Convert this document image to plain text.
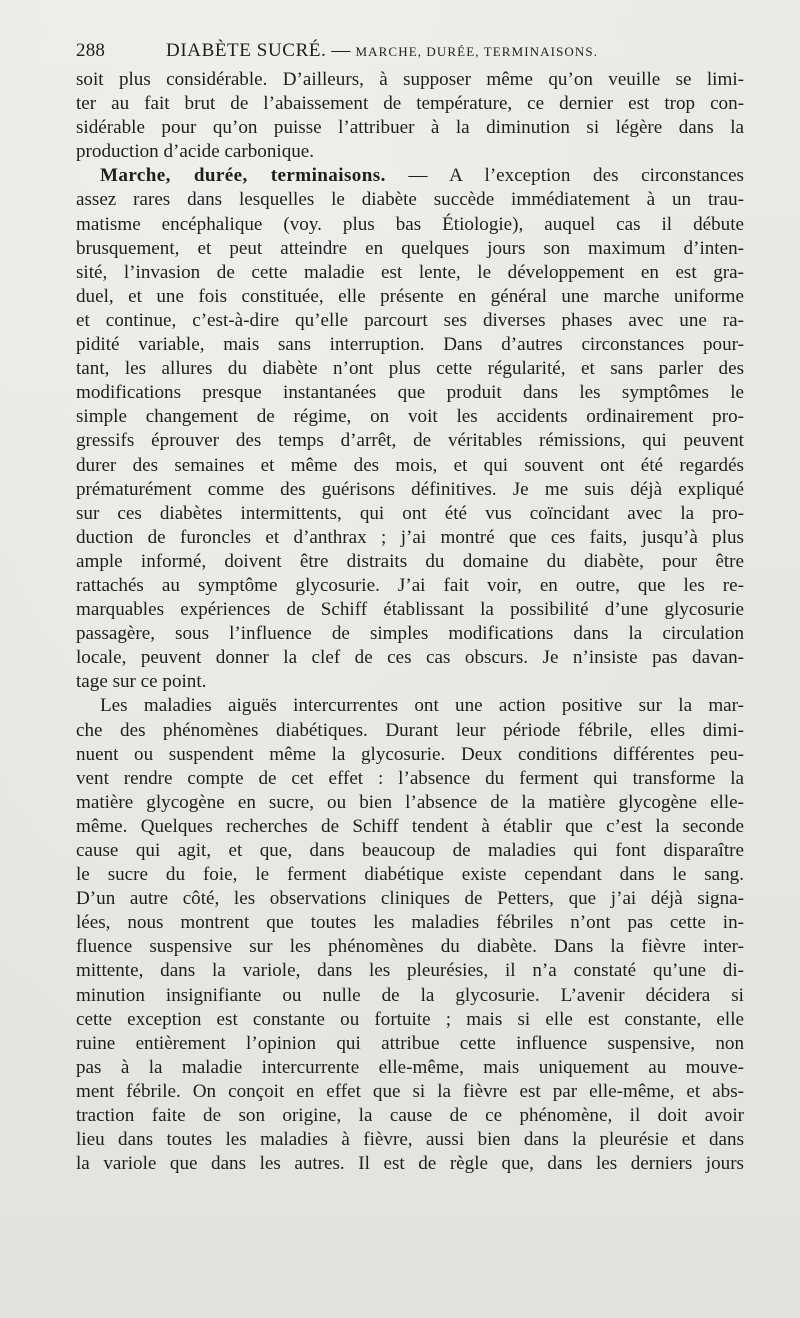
288	DIABÈTE SUCRÉ. — MARCHE, DURÉE, TERMINAISONS.
soit plus considérable. D’ailleurs, à supposer même qu’on veuille se limi-
ter au fait brut de l’abaissement de température, ce dernier est trop con-
sidérable pour qu’on puisse l’attribuer à la diminution si légère dans la
production d’acide carbonique.
Marche, durée, terminaisons. — A l’exception des circonstances
assez rares dans lesquelles le diabète succède immédiatement à un trau-
matisme encéphalique (voy. plus bas Étiologie), auquel cas il débute
brusquement, et peut atteindre en quelques jours son maximum d’inten-
sité, l’invasion de cette maladie est lente, le développement en est gra-
duel, et une fois constituée, elle présente en général une marche uniforme
et continue, c’est-à-dire qu’elle parcourt ses diverses phases avec une ra-
pidité variable, mais sans interruption. Dans d’autres circonstances pour-
tant, les allures du diabète n’ont plus cette régularité, et sans parler des
modifications presque instantanées que produit dans les symptômes le
simple changement de régime, on voit les accidents ordinairement pro-
gressifs éprouver des temps d’arrêt, de véritables rémissions, qui peuvent
durer des semaines et même des mois, et qui souvent ont été regardés
prématurément comme des guérisons définitives. Je me suis déjà expliqué
sur ces diabètes intermittents, qui ont été vus coïncidant avec la pro-
duction de furoncles et d’anthrax ; j’ai montré que ces faits, jusqu’à plus
ample informé, doivent être distraits du domaine du diabète, pour être
rattachés au symptôme glycosurie. J’ai fait voir, en outre, que les re-
marquables expériences de Schiff établissant la possibilité d’une glycosurie
passagère, sous l’influence de simples modifications dans la circulation
locale, peuvent donner la clef de ces cas obscurs. Je n’insiste pas davan-
tage sur ce point.
Les maladies aiguës intercurrentes ont une action positive sur la mar-
che des phénomènes diabétiques. Durant leur période fébrile, elles dimi-
nuent ou suspendent même la glycosurie. Deux conditions différentes peu-
vent rendre compte de cet effet : l’absence du ferment qui transforme la
matière glycogène en sucre, ou bien l’absence de la matière glycogène elle-
même. Quelques recherches de Schiff tendent à établir que c’est la seconde
cause qui agit, et que, dans beaucoup de maladies qui font disparaître
le sucre du foie, le ferment diabétique existe cependant dans le sang.
D’un autre côté, les observations cliniques de Petters, que j’ai déjà signa-
lées, nous montrent que toutes les maladies fébriles n’ont pas cette in-
fluence suspensive sur les phénomènes du diabète. Dans la fièvre inter-
mittente, dans la variole, dans les pleurésies, il n’a constaté qu’une di-
minution insignifiante ou nulle de la glycosurie. L’avenir décidera si
cette exception est constante ou fortuite ; mais si elle est constante, elle
ruine entièrement l’opinion qui attribue cette influence suspensive, non
pas à la maladie intercurrente elle-même, mais uniquement au mouve-
ment fébrile. On conçoit en effet que si la fièvre est par elle-même, et abs-
traction faite de son origine, la cause de ce phénomène, il doit avoir
lieu dans toutes les maladies à fièvre, aussi bien dans la pleurésie et dans
la variole que dans les autres. Il est de règle que, dans les derniers jours
